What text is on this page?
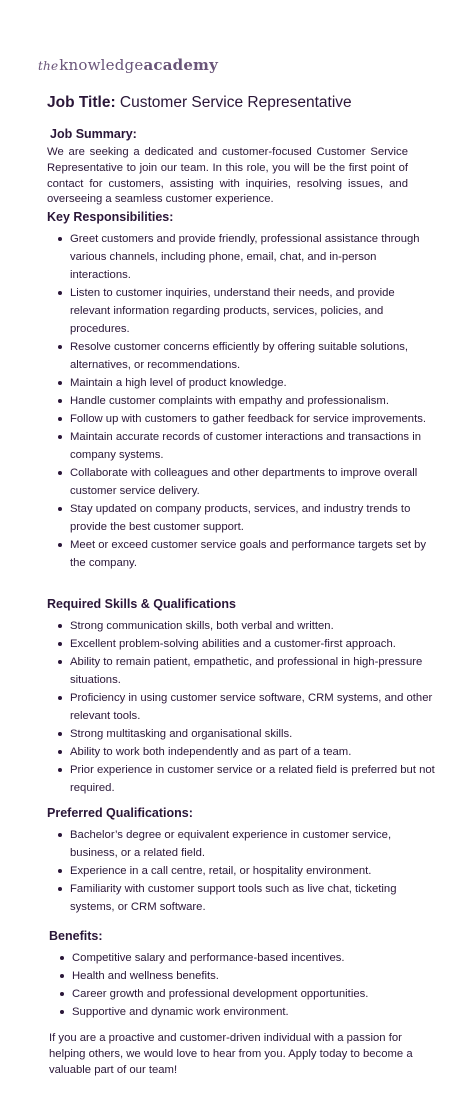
theknowledgeacademy
Job Title: Customer Service Representative
Job Summary:

We are seeking a dedicated and customer-focused Customer Service Representative to join our team. In this role, you will be the first point of contact for customers, assisting with inquiries, resolving issues, and overseeing a seamless customer experience.

Key Responsibilities:
Greet customers and provide friendly, professional assistance through various channels, including phone, email, chat, and in-person interactions.
Listen to customer inquiries, understand their needs, and provide relevant information regarding products, services, policies, and procedures.
Resolve customer concerns efficiently by offering suitable solutions, alternatives, or recommendations.
Maintain a high level of product knowledge.
Handle customer complaints with empathy and professionalism.
Follow up with customers to gather feedback for service improvements.
Maintain accurate records of customer interactions and transactions in company systems.
Collaborate with colleagues and other departments to improve overall customer service delivery.
Stay updated on company products, services, and industry trends to provide the best customer support.
Meet or exceed customer service goals and performance targets set by the company.
Required Skills & Qualifications
Strong communication skills, both verbal and written.
Excellent problem-solving abilities and a customer-first approach.
Ability to remain patient, empathetic, and professional in high-pressure situations.
Proficiency in using customer service software, CRM systems, and other relevant tools.
Strong multitasking and organisational skills.
Ability to work both independently and as part of a team.
Prior experience in customer service or a related field is preferred but not required.
Preferred Qualifications:
Bachelor’s degree or equivalent experience in customer service, business, or a related field.
Experience in a call centre, retail, or hospitality environment.
Familiarity with customer support tools such as live chat, ticketing systems, or CRM software.
Benefits:
Competitive salary and performance-based incentives.
Health and wellness benefits.
Career growth and professional development opportunities.
Supportive and dynamic work environment.

If you are a proactive and customer-driven individual with a passion for helping others, we would love to hear from you. Apply today to become a valuable part of our team!
